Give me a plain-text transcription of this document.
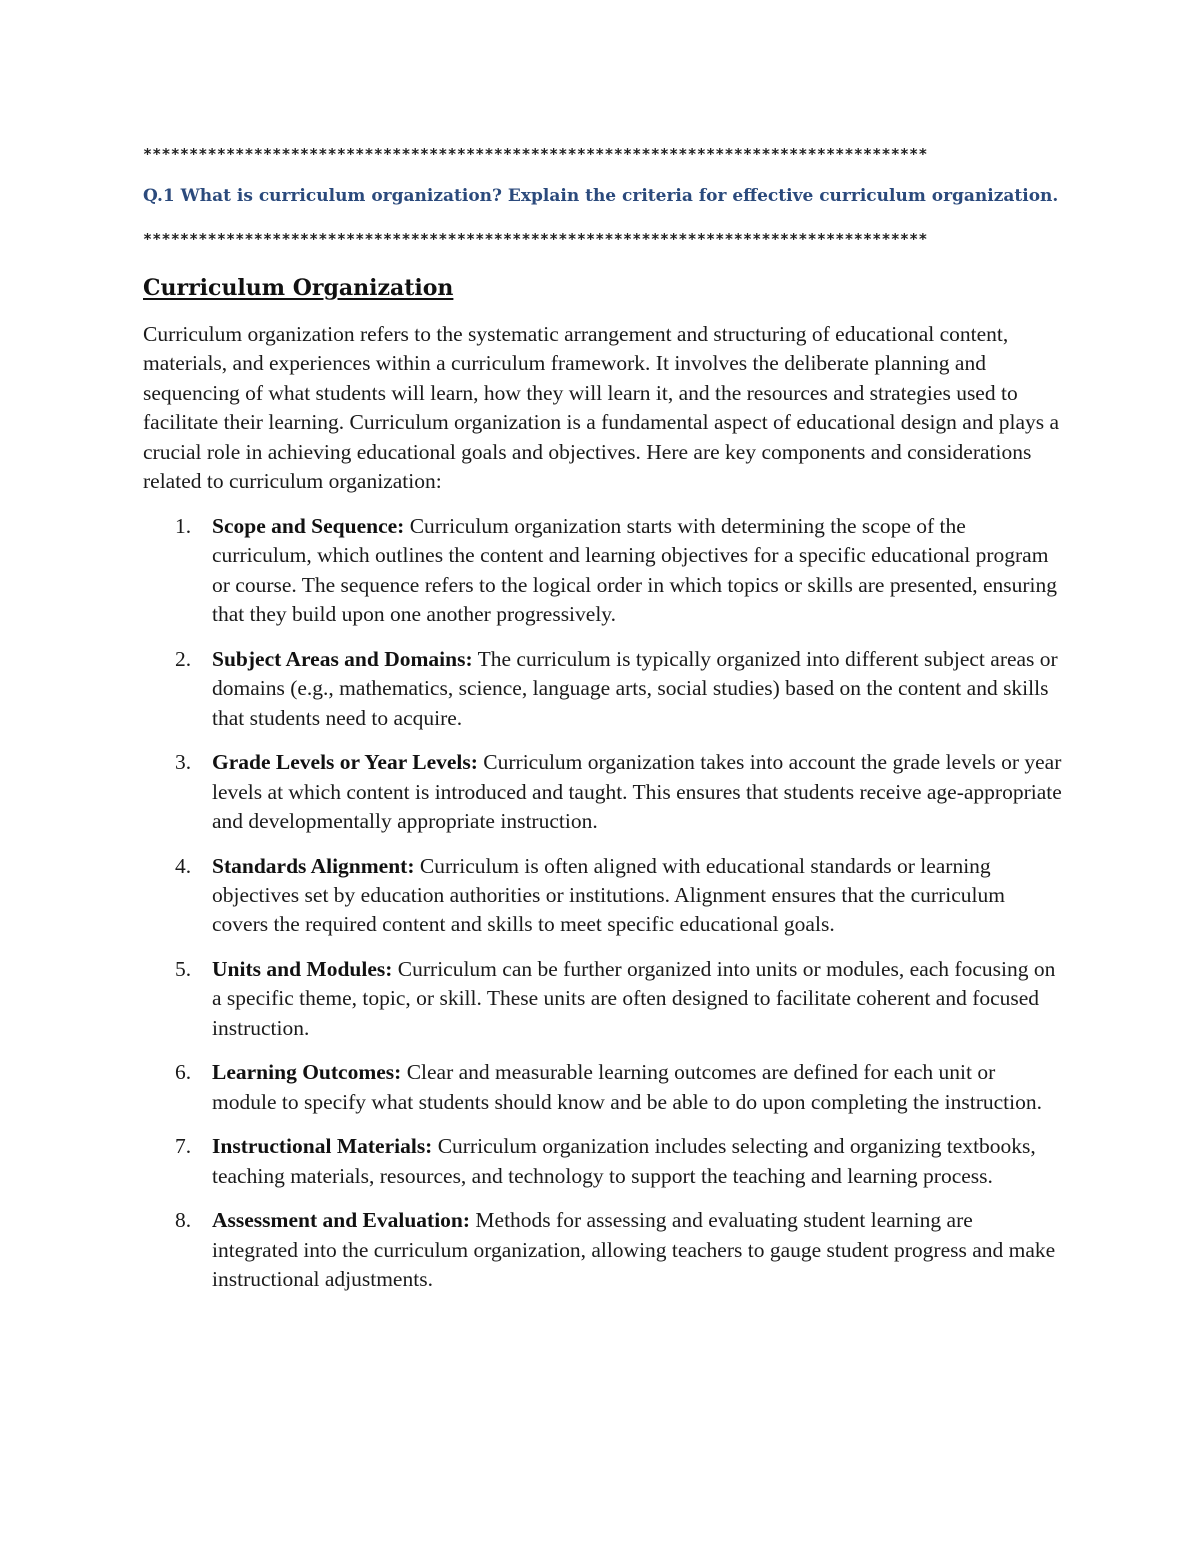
*************************************************************************************
Q.1 What is curriculum organization? Explain the criteria for effective curriculum organization.
*************************************************************************************
Curriculum Organization

Curriculum organization refers to the systematic arrangement and structuring of educational content, materials, and experiences within a curriculum framework. It involves the deliberate planning and sequencing of what students will learn, how they will learn it, and the resources and strategies used to facilitate their learning. Curriculum organization is a fundamental aspect of educational design and plays a crucial role in achieving educational goals and objectives. Here are key components and considerations related to curriculum organization:

1. Scope and Sequence: Curriculum organization starts with determining the scope of the curriculum, which outlines the content and learning objectives for a specific educational program or course. The sequence refers to the logical order in which topics or skills are presented, ensuring that they build upon one another progressively.
2. Subject Areas and Domains: The curriculum is typically organized into different subject areas or domains (e.g., mathematics, science, language arts, social studies) based on the content and skills that students need to acquire.
3. Grade Levels or Year Levels: Curriculum organization takes into account the grade levels or year levels at which content is introduced and taught. This ensures that students receive age-appropriate and developmentally appropriate instruction.
4. Standards Alignment: Curriculum is often aligned with educational standards or learning objectives set by education authorities or institutions. Alignment ensures that the curriculum covers the required content and skills to meet specific educational goals.
5. Units and Modules: Curriculum can be further organized into units or modules, each focusing on a specific theme, topic, or skill. These units are often designed to facilitate coherent and focused instruction.
6. Learning Outcomes: Clear and measurable learning outcomes are defined for each unit or module to specify what students should know and be able to do upon completing the instruction.
7. Instructional Materials: Curriculum organization includes selecting and organizing textbooks, teaching materials, resources, and technology to support the teaching and learning process.
8. Assessment and Evaluation: Methods for assessing and evaluating student learning are integrated into the curriculum organization, allowing teachers to gauge student progress and make instructional adjustments.
